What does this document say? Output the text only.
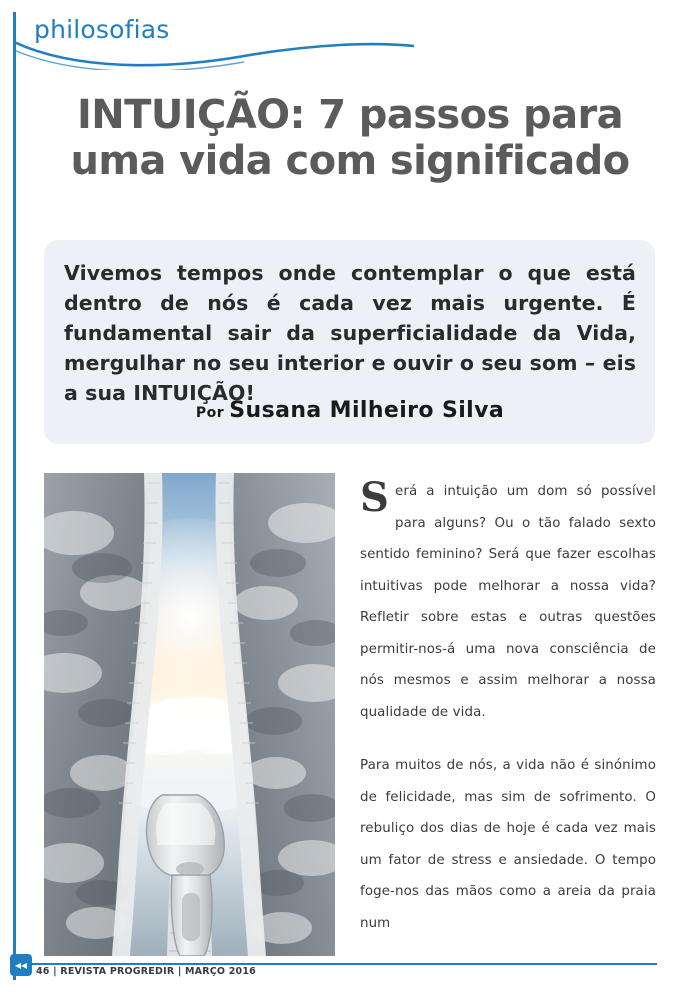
philosofias
INTUIÇÃO: 7 passos para uma vida com significado
Vivemos tempos onde contemplar o que está dentro de nós é cada vez mais urgente. É fundamental sair da superficialidade da Vida, mergulhar no seu interior e ouvir o seu som – eis a sua INTUIÇÃO!
Por Susana Milheiro Silva

Será a intuição um dom só possível para alguns? Ou o tão falado sexto sentido feminino? Será que fazer escolhas intuitivas pode melhorar a nossa vida? Refletir sobre estas e outras questões permitir-nos-á uma nova consciência de nós mesmos e assim melhorar a nossa qualidade de vida.

Para muitos de nós, a vida não é sinónimo de felicidade, mas sim de sofrimento. O rebuliço dos dias de hoje é cada vez mais um fator de stress e ansiedade. O tempo foge-nos das mãos como a areia da praia num

◂◂ 46 | REVISTA PROGREDIR | MARÇO 2016
